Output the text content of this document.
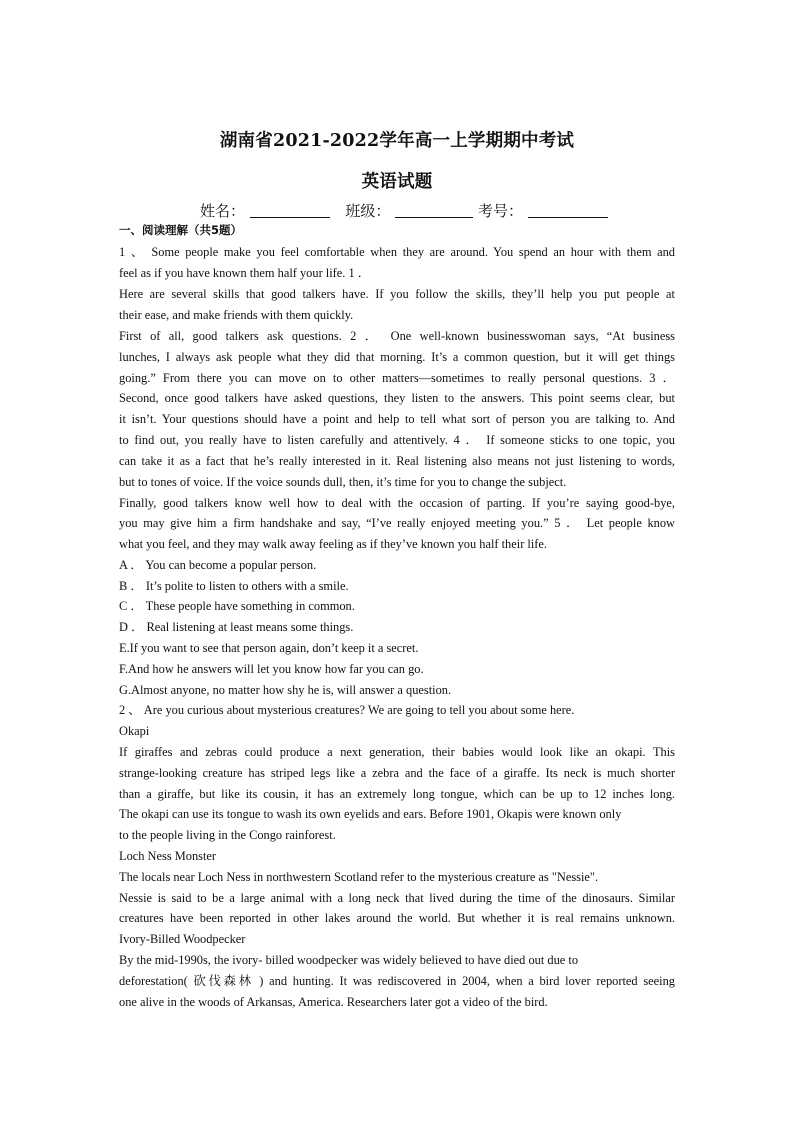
湖南省2021-2022学年高一上学期期中考试
英语试题
姓名：	班级：	考号：
一、阅读理解（共5题）
1 、 Some people make you feel comfortable when they are around. You spend an hour with them and
feel as if you have known them half your life. 1 ．
Here are several skills that good talkers have. If you follow the skills, they’ll help you put people at
their ease, and make friends with them quickly.
First of all, good talkers ask questions. 2 ． One well-known businesswoman says, “At business
lunches, I always ask people what they did that morning. It’s a common question, but it will get things
going.” From there you can move on to other matters—sometimes to really personal questions. 3 ．
Second, once good talkers have asked questions, they listen to the answers. This point seems clear, but
it isn’t. Your questions should have a point and help to tell what sort of person you are talking to. And
to find out, you really have to listen carefully and attentively. 4 ． If someone sticks to one topic, you
can take it as a fact that he’s really interested in it. Real listening also means not just listening to words,
but to tones of voice. If the voice sounds dull, then, it’s time for you to change the subject.
Finally, good talkers know well how to deal with the occasion of parting. If you’re saying good-bye,
you may give him a firm handshake and say, “I’ve really enjoyed meeting you.” 5 ． Let people know
what you feel, and they may walk away feeling as if they’ve known you half their life.
A ． You can become a popular person.
B ． It’s polite to listen to others with a smile.
C ． These people have something in common.
D ． Real listening at least means some things.
E.If you want to see that person again, don’t keep it a secret.
F.And how he answers will let you know how far you can go.
G.Almost anyone, no matter how shy he is, will answer a question.
2 、 Are you curious about mysterious creatures? We are going to tell you about some here.
Okapi
If giraffes and zebras could produce a next generation, their babies would look like an okapi. This
strange-looking creature has striped legs like a zebra and the face of a giraffe. Its neck is much shorter
than a giraffe, but like its cousin, it has an extremely long tongue, which can be up to 12 inches long.
The okapi can use its tongue to wash its own eyelids and ears. Before 1901, Okapis were known only
to the people living in the Congo rainforest.
Loch Ness Monster
The locals near Loch Ness in northwestern Scotland refer to the mysterious creature as "Nessie".
Nessie is said to be a large animal with a long neck that lived during the time of the dinosaurs. Similar
creatures have been reported in other lakes around the world. But whether it is real remains unknown.
Ivory-Billed Woodpecker
By the mid-1990s, the ivory- billed woodpecker was widely believed to have died out due to
deforestation( 砍伐森林 ) and hunting. It was rediscovered in 2004, when a bird lover reported seeing
one alive in the woods of Arkansas, America. Researchers later got a video of the bird.
